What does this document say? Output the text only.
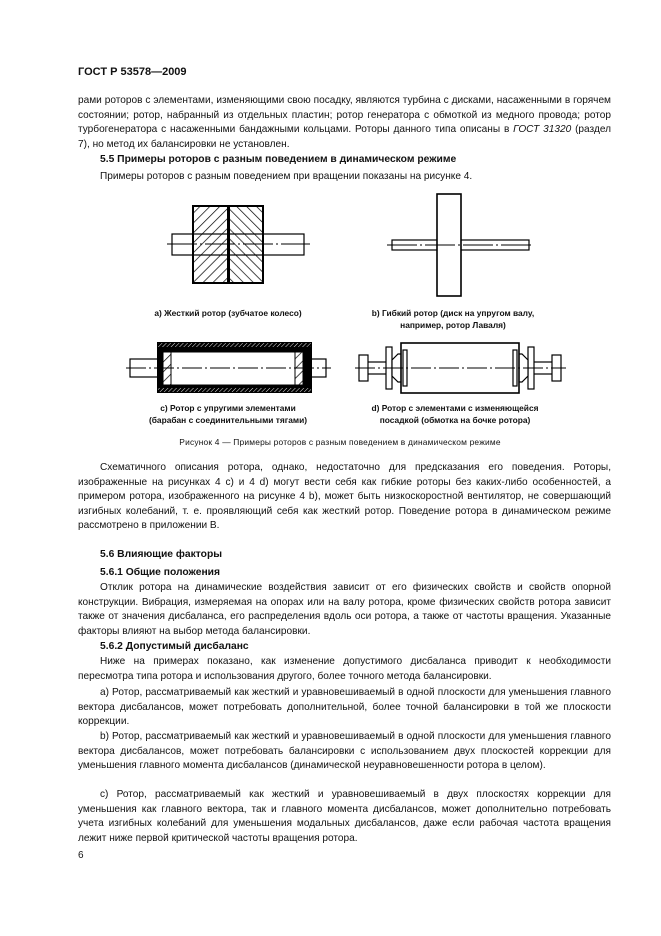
ГОСТ Р 53578—2009
рами роторов с элементами, изменяющими свою посадку, являются турбина с дисками, насаженными в горячем состоянии; ротор, набранный из отдельных пластин; ротор генератора с обмоткой из медного провода; ротор турбогенератора с насаженными бандажными кольцами. Роторы данного типа описаны в ГОСТ 31320 (раздел 7), но метод их балансировки не установлен.
5.5 Примеры роторов с разным поведением в динамическом режиме
Примеры роторов с разным поведением при вращении показаны на рисунке 4.
а) Жесткий ротор (зубчатое колесо)	b) Гибкий ротор (диск на упругом валу,
например, ротор Лаваля)
с) Ротор с упругими элементами
(барабан с соединительными тягами)
d) Ротор с элементами с изменяющейся
посадкой (обмотка на бочке ротора)
Рисунок 4 — Примеры роторов с разным поведением в динамическом режиме
Схематичного описания ротора, однако, недостаточно для предсказания его поведения. Роторы, изображенные на рисунках 4 с) и 4 d) могут вести себя как гибкие роторы без каких-либо особенностей, а примером ротора, изображенного на рисунке 4 b), может быть низкоскоростной вентилятор, не совершающий изгибных колебаний, т. е. проявляющий себя как жесткий ротор. Поведение ротора в динамическом режиме рассмотрено в приложении В.
5.6 Влияющие факторы
5.6.1 Общие положения
Отклик ротора на динамические воздействия зависит от его физических свойств и свойств опорной конструкции. Вибрация, измеряемая на опорах или на валу ротора, кроме физических свойств ротора зависит также от значения дисбаланса, его распределения вдоль оси ротора, а также от частоты вращения. Указанные факторы влияют на выбор метода балансировки.
5.6.2 Допустимый дисбаланс
Ниже на примерах показано, как изменение допустимого дисбаланса приводит к необходимости пересмотра типа ротора и использования другого, более точного метода балансировки.
а) Ротор, рассматриваемый как жесткий и уравновешиваемый в одной плоскости для уменьшения главного вектора дисбалансов, может потребовать дополнительной, более точной балансировки в той же плоскости коррекции.
b) Ротор, рассматриваемый как жесткий и уравновешиваемый в одной плоскости для уменьшения главного вектора дисбалансов, может потребовать балансировки с использованием двух плоскостей коррекции для уменьшения главного момента дисбалансов (динамической неуравновешенности ротора в целом).
с) Ротор, рассматриваемый как жесткий и уравновешиваемый в двух плоскостях коррекции для уменьшения как главного вектора, так и главного момента дисбалансов, может дополнительно потребовать учета изгибных колебаний для уменьшения модальных дисбалансов, даже если рабочая частота вращения лежит ниже первой критической частоты вращения ротора.
6
